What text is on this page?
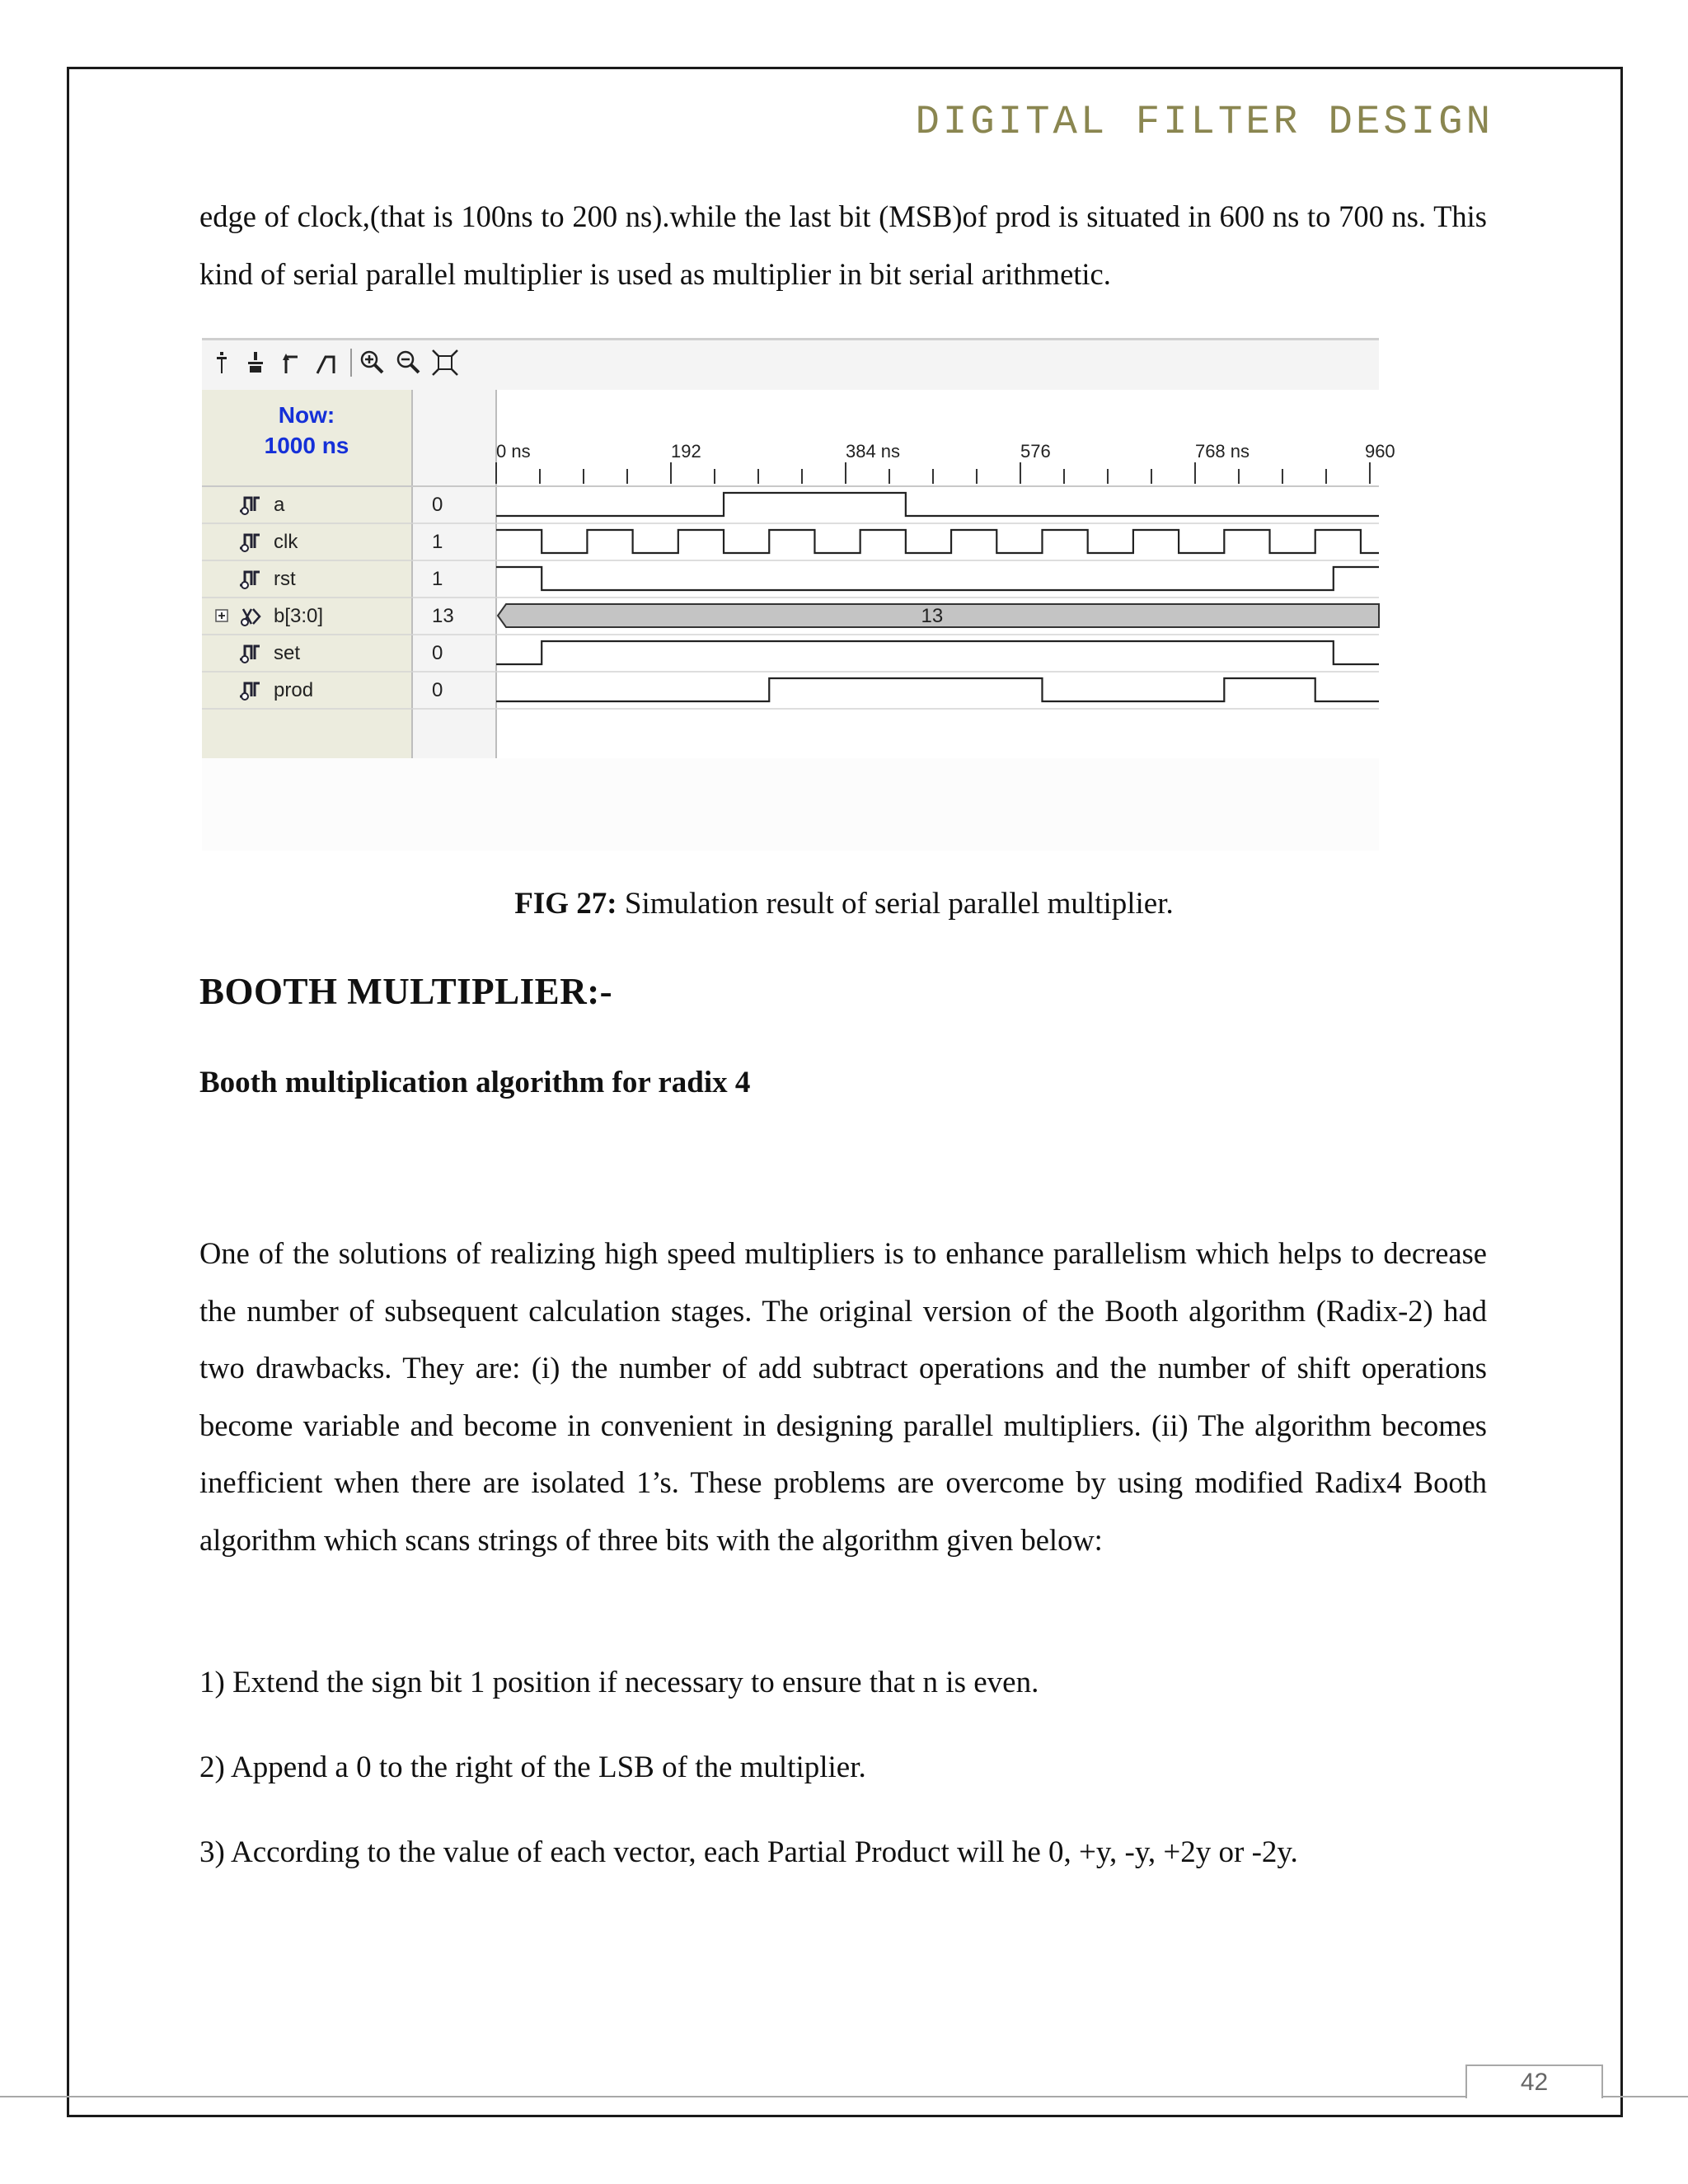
DIGITAL FILTER DESIGN

edge of clock,(that is 100ns to 200 ns).while the last bit (MSB)of prod is situated in 600 ns to 700 ns. This kind of serial parallel multiplier is used as multiplier in bit serial arithmetic.

Now:
1000 ns	0 ns	192	384 ns	576	768 ns	960
a	0
clk	1
rst	1
b[3:0]	13	13
set	0
prod	0
FIG 27: Simulation result of serial parallel multiplier.
BOOTH MULTIPLIER:-
Booth multiplication algorithm for radix 4

One of the solutions of realizing high speed multipliers is to enhance parallelism which helps to decrease the number of subsequent calculation stages. The original version of the Booth algorithm (Radix-2) had two drawbacks. They are: (i) the number of add subtract operations and the number of shift operations become variable and become in convenient in designing parallel multipliers. (ii) The algorithm becomes inefficient when there are isolated 1’s. These problems are overcome by using modified Radix4 Booth algorithm which scans strings of three bits with the algorithm given below:

1) Extend the sign bit 1 position if necessary to ensure that n is even.
2) Append a 0 to the right of the LSB of the multiplier.
3) According to the value of each vector, each Partial Product will he 0, +y, -y, +2y or -2y.
42
